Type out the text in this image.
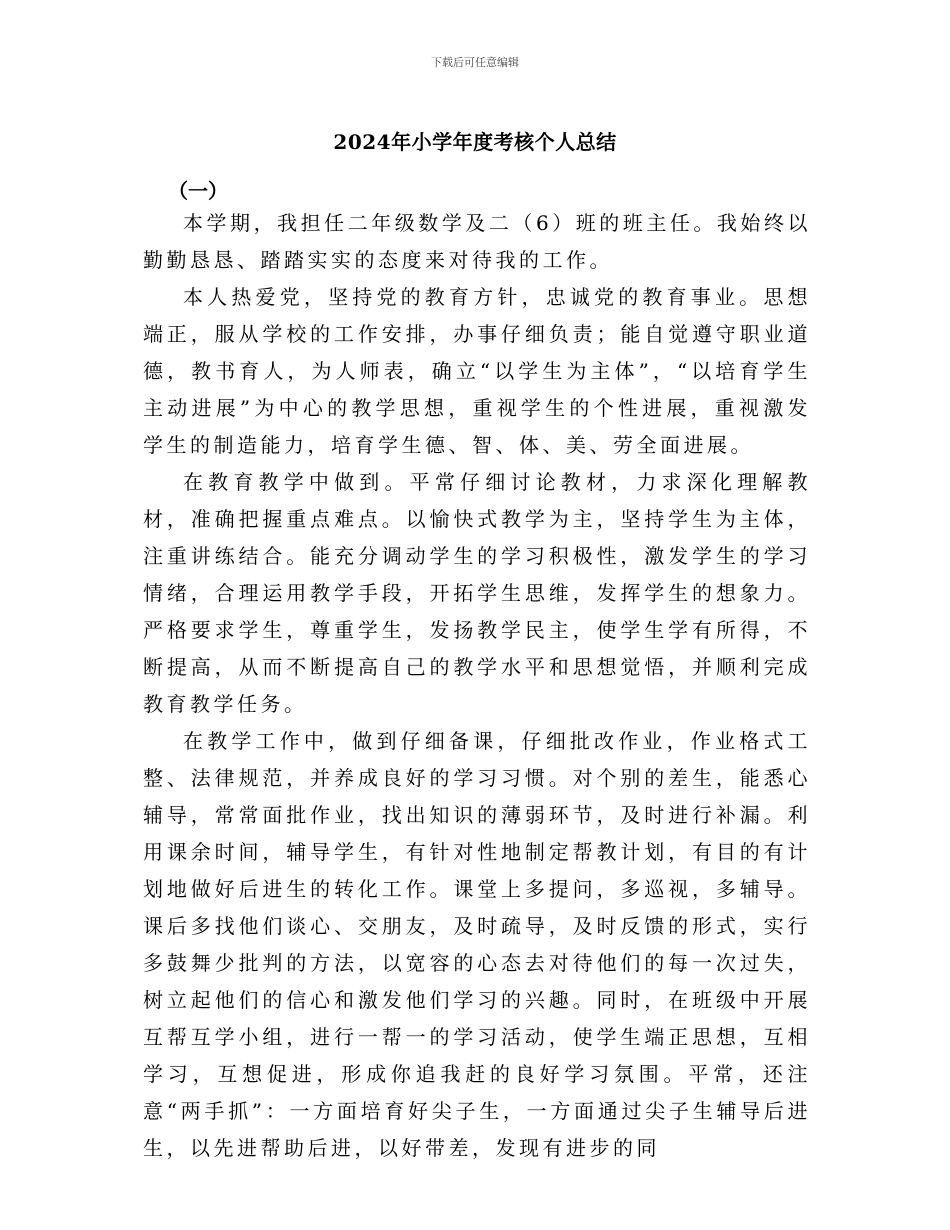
下载后可任意编辑
2024年小学年度考核个人总结
（一）

本学期，我担任二年级数学及二（6）班的班主任。我始终以勤勤恳恳、踏踏实实的态度来对待我的工作。

本人热爱党，坚持党的教育方针，忠诚党的教育事业。思想端正，服从学校的工作安排，办事仔细负责；能自觉遵守职业道德，教书育人，为人师表，确立“以学生为主体”，“以培育学生主动进展”为中心的教学思想，重视学生的个性进展，重视激发学生的制造能力，培育学生德、智、体、美、劳全面进展。

在教育教学中做到。平常仔细讨论教材，力求深化理解教材，准确把握重点难点。以愉快式教学为主，坚持学生为主体，注重讲练结合。能充分调动学生的学习积极性，激发学生的学习情绪，合理运用教学手段，开拓学生思维，发挥学生的想象力。严格要求学生，尊重学生，发扬教学民主，使学生学有所得，不断提高，从而不断提高自己的教学水平和思想觉悟，并顺利完成教育教学任务。

在教学工作中，做到仔细备课，仔细批改作业，作业格式工整、法律规范，并养成良好的学习习惯。对个别的差生，能悉心辅导，常常面批作业，找出知识的薄弱环节，及时进行补漏。利用课余时间，辅导学生，有针对性地制定帮教计划，有目的有计划地做好后进生的转化工作。课堂上多提问，多巡视，多辅导。课后多找他们谈心、交朋友，及时疏导，及时反馈的形式，实行多鼓舞少批判的方法，以宽容的心态去对待他们的每一次过失，树立起他们的信心和激发他们学习的兴趣。同时，在班级中开展互帮互学小组，进行一帮一的学习活动，使学生端正思想，互相学习，互想促进，形成你追我赶的良好学习氛围。平常，还注意“两手抓”：一方面培育好尖子生，一方面通过尖子生辅导后进生，以先进帮助后进，以好带差，发现有进步的同
